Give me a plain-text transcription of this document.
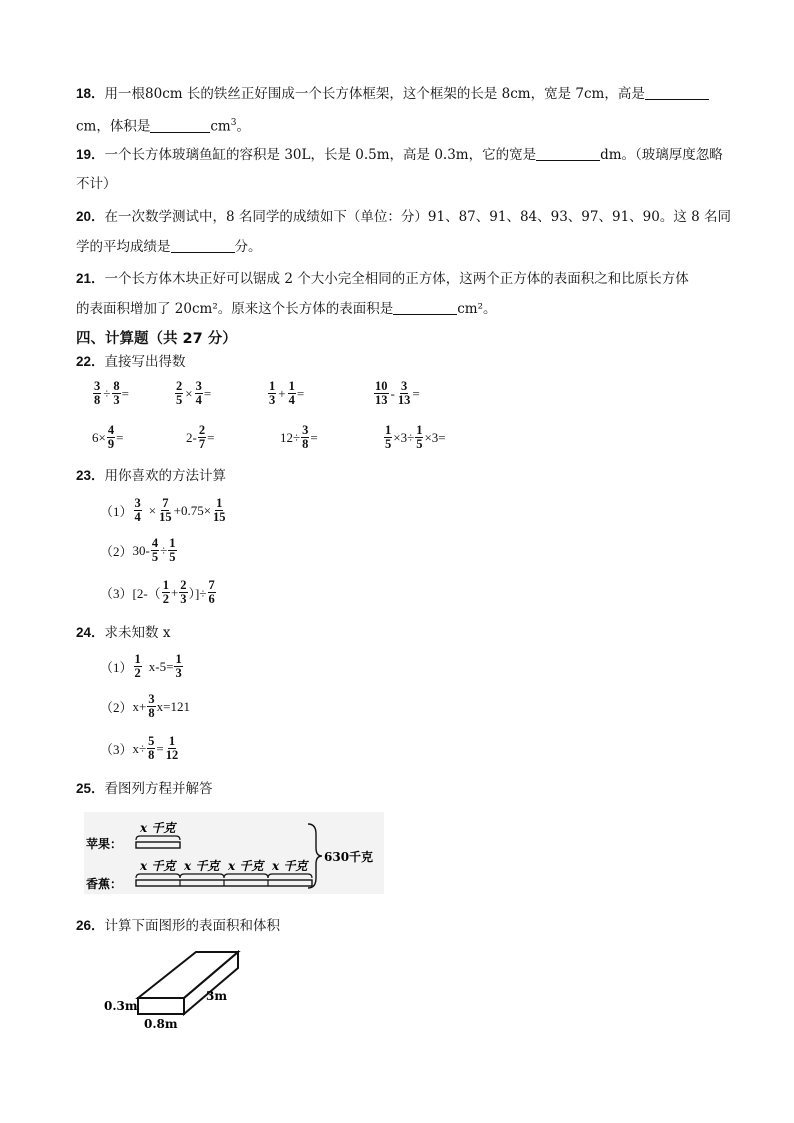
18．用一根80cm 长的铁丝正好围成一个长方体框架，这个框架的长是 8cm，宽是 7cm，高是
cm，体积是	$cm^3$。
19．一个长方体玻璃鱼缸的容积是 30L，长是 0.5m，高是 0.3m，它的宽是	dm。（玻璃厚度忽略
不计）
20．在一次数学测试中，8 名同学的成绩如下（单位：分）91、87、91、84、93、97、91、90。这 8 名同
学的平均成绩是	分。
21．一个长方体木块正好可以锯成 2 个大小完全相同的正方体，这两个正方体的表面积之和比原长方体
的表面积增加了 20cm²。原来这个长方体的表面积是	cm²。
四、计算题（共 27 分）
22．直接写出得数
$\frac{3}{8} \div \frac{8}{3}$ =	$\frac{2}{5} \times \frac{3}{4}$ =	$\frac{1}{3} + \frac{1}{4}$ =	$\frac{10}{13} - \frac{3}{13}$ =
$6\times \frac{4}{9}$ =	$2- \frac{2}{7}$ =	$12\div \frac{3}{8}$ =	$\frac{1}{5} \times 3\div \frac{1}{5} \times 3=$
23．用你喜欢的方法计算
$(1) \frac{3}{4} \times \frac{7}{15} +0.75\times \frac{1}{15}$
（2） $30- \frac{4}{5} \div \frac{1}{5}$
（3） [$2-( \frac{1}{2} + \frac{2}{3}$ ）]÷ $\frac{7}{6}$
24．求未知数 x
$(1) \frac{1}{2} x-5= \frac{1}{3}$
（2） $x+ \frac{3}{8} x=121$
（3） $x\div \frac{5}{8} = \frac{1}{12}$
25．看图列方程并解答
苹果：
x 千克
香蕉：
x 千克 x 千克 x 千克 x 千克
630千克
26．计算下面图形的表面积和体积
0.3m
0.8m
3m
